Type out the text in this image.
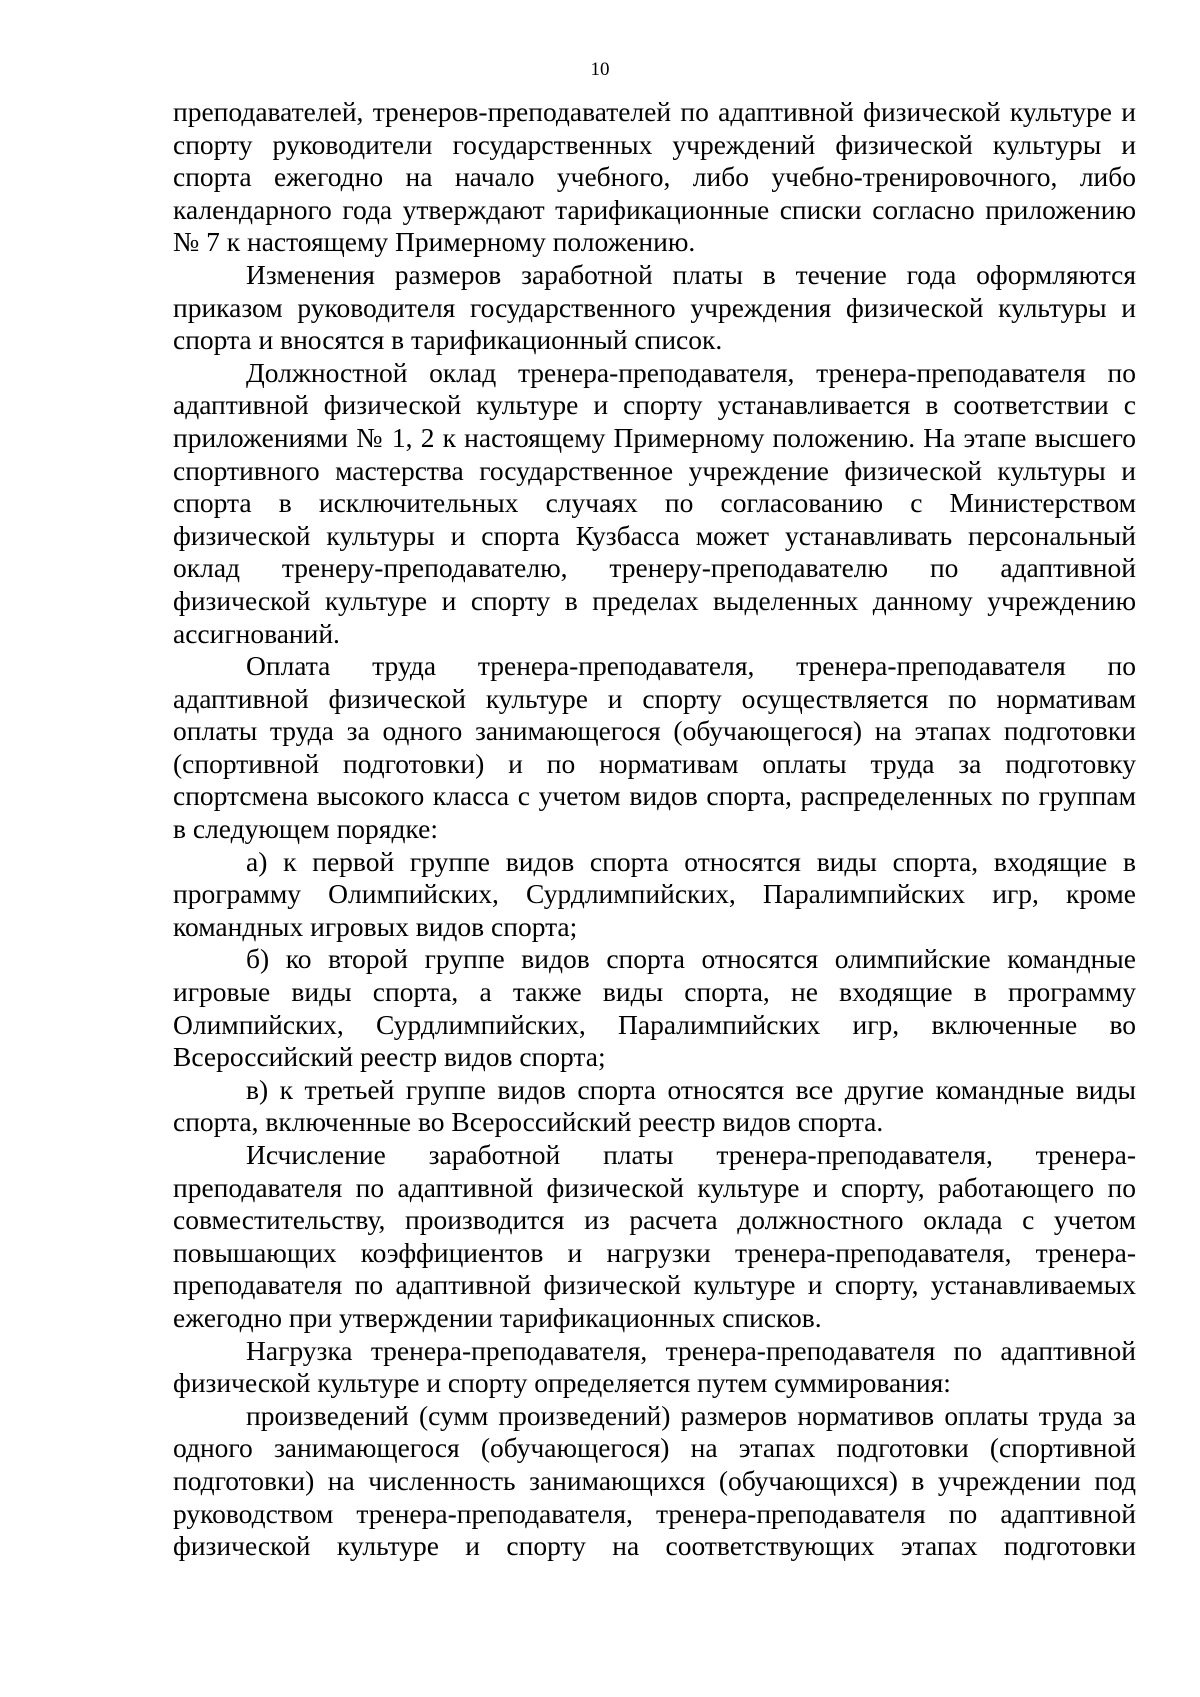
10

преподавателей, тренеров-преподавателей по адаптивной физической культуре и спорту руководители государственных учреждений физической культуры и спорта ежегодно на начало учебного, либо учебно-тренировочного, либо календарного года утверждают тарификационные списки согласно приложению № 7 к настоящему Примерному положению.

Изменения размеров заработной платы в течение года оформляются приказом руководителя государственного учреждения физической культуры и спорта и вносятся в тарификационный список.

Должностной оклад тренера-преподавателя, тренера-преподавателя по адаптивной физической культуре и спорту устанавливается в соответствии с приложениями № 1, 2 к настоящему Примерному положению. На этапе высшего спортивного мастерства государственное учреждение физической культуры и спорта в исключительных случаях по согласованию с Министерством физической культуры и спорта Кузбасса может устанавливать персональный оклад тренеру-преподавателю, тренеру-преподавателю по адаптивной физической культуре и спорту в пределах выделенных данному учреждению ассигнований.

Оплата труда тренера-преподавателя, тренера-преподавателя по адаптивной физической культуре и спорту осуществляется по нормативам оплаты труда за одного занимающегося (обучающегося) на этапах подготовки (спортивной подготовки) и по нормативам оплаты труда за подготовку спортсмена высокого класса с учетом видов спорта, распределенных по группам в следующем порядке:

а) к первой группе видов спорта относятся виды спорта, входящие в программу Олимпийских, Сурдлимпийских, Паралимпийских игр, кроме командных игровых видов спорта;

б) ко второй группе видов спорта относятся олимпийские командные игровые виды спорта, а также виды спорта, не входящие в программу Олимпийских, Сурдлимпийских, Паралимпийских игр, включенные во Всероссийский реестр видов спорта;

в) к третьей группе видов спорта относятся все другие командные виды спорта, включенные во Всероссийский реестр видов спорта.

Исчисление заработной платы тренера-преподавателя, тренера-преподавателя по адаптивной физической культуре и спорту, работающего по совместительству, производится из расчета должностного оклада с учетом повышающих коэффициентов и нагрузки тренера-преподавателя, тренера-преподавателя по адаптивной физической культуре и спорту, устанавливаемых ежегодно при утверждении тарификационных списков.

Нагрузка тренера-преподавателя, тренера-преподавателя по адаптивной физической культуре и спорту определяется путем суммирования:

произведений (сумм произведений) размеров нормативов оплаты труда за одного занимающегося (обучающегося) на этапах подготовки (спортивной подготовки) на численность занимающихся (обучающихся) в учреждении под руководством тренера-преподавателя, тренера-преподавателя по адаптивной физической культуре и спорту на соответствующих этапах подготовки
